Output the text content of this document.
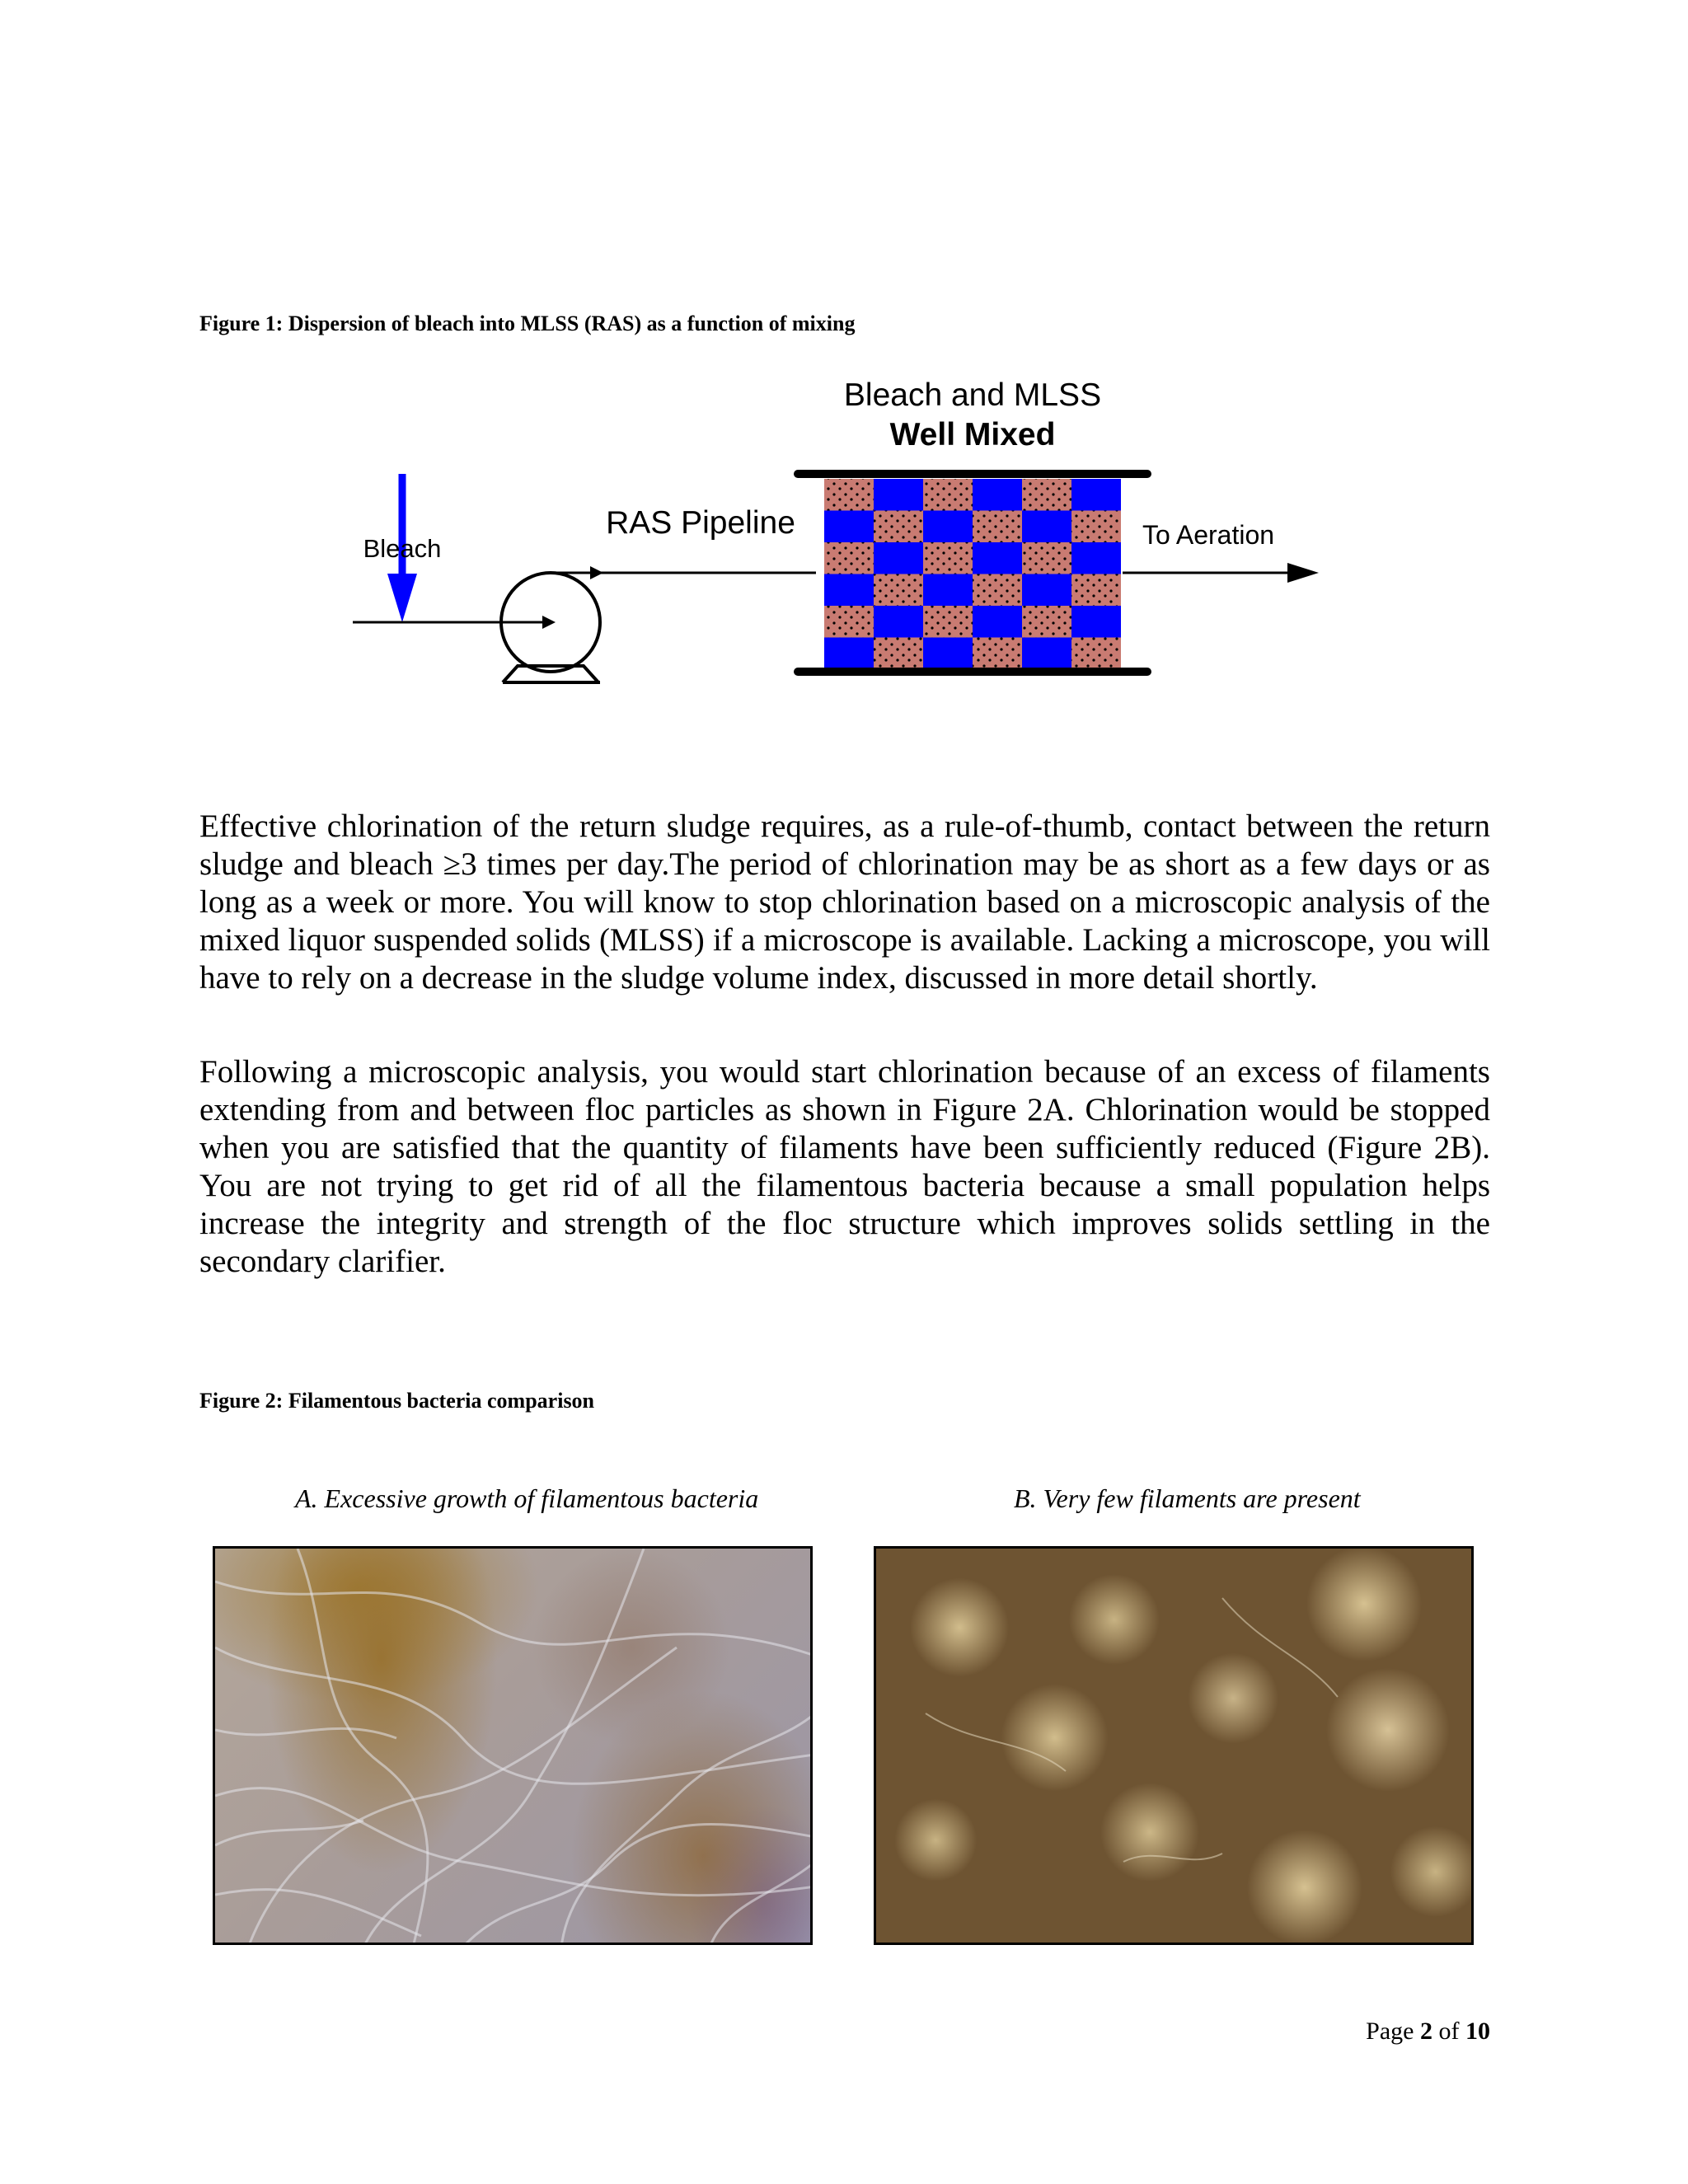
Figure 1: Dispersion of bleach into MLSS (RAS) as a function of mixing

Bleach and MLSS
Well Mixed
Bleach
RAS Pipeline	To Aeration

Effective chlorination of the return sludge requires, as a rule-of-thumb, contact between the return sludge and bleach ≥3 times per day.The period of chlorination may be as short as a few days or as long as a week or more. You will know to stop chlorination based on a microscopic analysis of the mixed liquor suspended solids (MLSS) if a microscope is available. Lacking a microscope, you will have to rely on a decrease in the sludge volume index, discussed in more detail shortly.

Following a microscopic analysis, you would start chlorination because of an excess of filaments extending from and between floc particles as shown in Figure 2A. Chlorination would be stopped when you are satisfied that the quantity of filaments have been sufficiently reduced (Figure 2B). You are not trying to get rid of all the filamentous bacteria because a small population helps increase the integrity and strength of the floc structure which improves solids settling in the secondary clarifier.

Figure 2: Filamentous bacteria comparison

A. Excessive growth of filamentous bacteria	B. Very few filaments are present

Page 2 of 10
